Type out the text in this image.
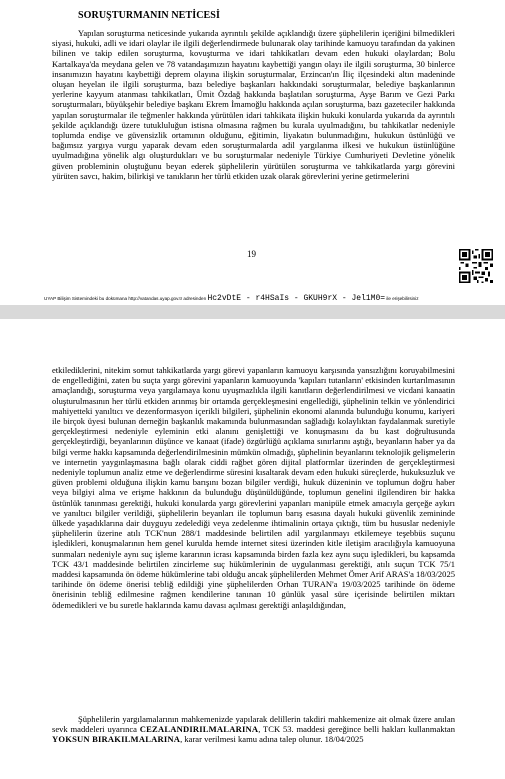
SORUŞTURMANIN NETİCESİ

Yapılan soruşturma neticesinde yukarıda ayrıntılı şekilde açıklandığı üzere şüphelilerin içeriğini bilmedikleri siyasi, hukuki, adli ve idari olaylar ile ilgili değerlendirmede bulunarak olay tarihinde kamuoyu tarafından da yakinen bilinen ve takip edilen soruşturma, kovuşturma ve idari tahkikatları devam eden hukuki olaylardan; Bolu Kartalkaya'da meydana gelen ve 78 vatandaşımızın hayatını kaybettiği yangın olayı ile ilgili soruşturma, 30 binlerce insanımızın hayatını kaybettiği deprem olayına ilişkin soruşturmalar, Erzincan'ın İliç ilçesindeki altın madeninde oluşan heyelan ile ilgili soruşturma, bazı belediye başkanları hakkındaki soruşturmalar, belediye başkanlarının yerlerine kayyum atanması tahkikatları, Ümit Özdağ hakkında başlatılan soruşturma, Ayşe Barım ve Gezi Parkı soruşturmaları, büyükşehir belediye başkanı Ekrem İmamoğlu hakkında açılan soruşturma, bazı gazeteciler hakkında yapılan soruşturmalar ile teğmenler hakkında yürütülen idari tahkikata ilişkin hukuki konularda yukarıda da ayrıntılı şekilde açıklandığı üzere tutukluluğun istisna olmasına rağmen bu kurala uyulmadığını, bu tahkikatlar nedeniyle toplumda endişe ve güvensizlik ortamının olduğunu, eğitimin, liyakatın bulunmadığını, hukukun üstünlüğü ve bağımsız yargıya vurgu yaparak devam eden soruşturmalarda adil yargılanma ilkesi ve hukukun üstünlüğüne uyulmadığına yönelik algı oluşturdukları ve bu soruşturmalar nedeniyle Türkiye Cumhuriyeti Devletine yönelik güven probleminin oluştuğunu beyan ederek şüphelilerin yürütülen soruşturma ve tahkikatlarda yargı görevini yürüten savcı, hakim, bilirkişi ve tanıkların her türlü etkiden uzak olarak görevlerini yerine getirmelerini

19
UYAP Bilişim Sistemindeki bu dokümana http://vatandas.uyap.gov.tr adresinden Hc2vDtE - r4HSaIs - GKUH9rX - Jel1M0= ile erişebilirsiniz

etkilediklerini, nitekim somut tahkikatlarda yargı görevi yapanların kamuoyu karşısında yansızlığını koruyabilmesini de engellediğini, zaten bu suçta yargı görevini yapanların kamuoyunda 'kapıları tutanların' etkisinden kurtarılmasının amaçlandığı, soruşturma veya yargılamaya konu uyuşmazlıkla ilgili kanıtların değerlendirilmesi ve vicdani kanaatin oluşturulmasının her türlü etkiden arınmış bir ortamda gerçekleşmesini engellediği, şüphelinin telkin ve yönlendirici mahiyetteki yanıltıcı ve dezenformasyon içerikli bilgileri, şüphelinin ekonomi alanında bulunduğu konumu, kariyeri ile birçok üyesi bulunan derneğin başkanlık makamında bulunmasından sağladığı kolaylıktan faydalanmak suretiyle gerçekleştirmesi nedeniyle eyleminin etki alanını genişlettiği ve konuşmasını da bu kast doğrultusunda gerçekleştirdiği, beyanlarının düşünce ve kanaat (ifade) özgürlüğü açıklama sınırlarını aştığı, beyanların haber ya da bilgi verme hakkı kapsamında değerlendirilmesinin mümkün olmadığı, şüphelinin beyanlarını teknolojik gelişmelerin ve internetin yaygınlaşmasına bağlı olarak ciddi rağbet gören dijital platformlar üzerinden de gerçekleştirmesi nedeniyle toplumun analiz etme ve değerlendirme süresini kısaltarak devam eden hukuki süreçlerde, hukuksuzluk ve güven problemi olduğuna ilişkin kamu barışını bozan bilgiler verdiği, hukuk düzeninin ve toplumun doğru haber veya bilgiyi alma ve erişme hakkının da bulunduğu düşünüldüğünde, toplumun genelini ilgilendiren bir hakka üstünlük tanınması gerektiği, hukuki konularda yargı görevlerini yapanları manipüle etmek amacıyla gerçeğe aykırı ve yanıltıcı bilgiler verildiği, şüphelilerin beyanları ile toplumun barış esasına dayalı hukuki güvenlik zemininde ülkede yaşadıklarına dair duyguyu zedelediği veya zedelenme ihtimalinin ortaya çıktığı, tüm bu hususlar nedeniyle şüphelilerin üzerine atılı TCK'nun 288/1 maddesinde belirtilen adil yargılanmayı etkilemeye teşebbüs suçunu işledikleri, konuşmalarının hem genel kurulda hemde internet sitesi üzerinden kitle iletişim aracılığıyla kamuoyuna sunmaları nedeniyle aynı suç işleme kararının icrası kapsamında birden fazla kez aynı suçu işledikleri, bu kapsamda TCK 43/1 maddesinde belirtilen zincirleme suç hükümlerinin de uygulanması gerektiği, atılı suçun TCK 75/1 maddesi kapsamında ön ödeme hükümlerine tabi olduğu ancak şüphelilerden Mehmet Ömer Arif ARAS'a 18/03/2025 tarihinde ön ödeme önerisi tebliğ edildiği yine şüphelilerden Orhan TURAN'a 19/03/2025 tarihinde ön ödeme önerisinin tebliğ edilmesine rağmen kendilerine tanınan 10 günlük yasal süre içerisinde belirtilen miktarı ödemedikleri ve bu suretle haklarında kamu davası açılması gerektiği anlaşıldığından,

Şüphelilerin yargılamalarının mahkemenizde yapılarak delillerin takdiri mahkemenize ait olmak üzere anılan sevk maddeleri uyarınca CEZALANDIRILMALARINA, TCK 53. maddesi gereğince belli hakları kullanmaktan YOKSUN BIRAKILMALARINA, karar verilmesi kamu adına talep olunur. 18/04/2025
